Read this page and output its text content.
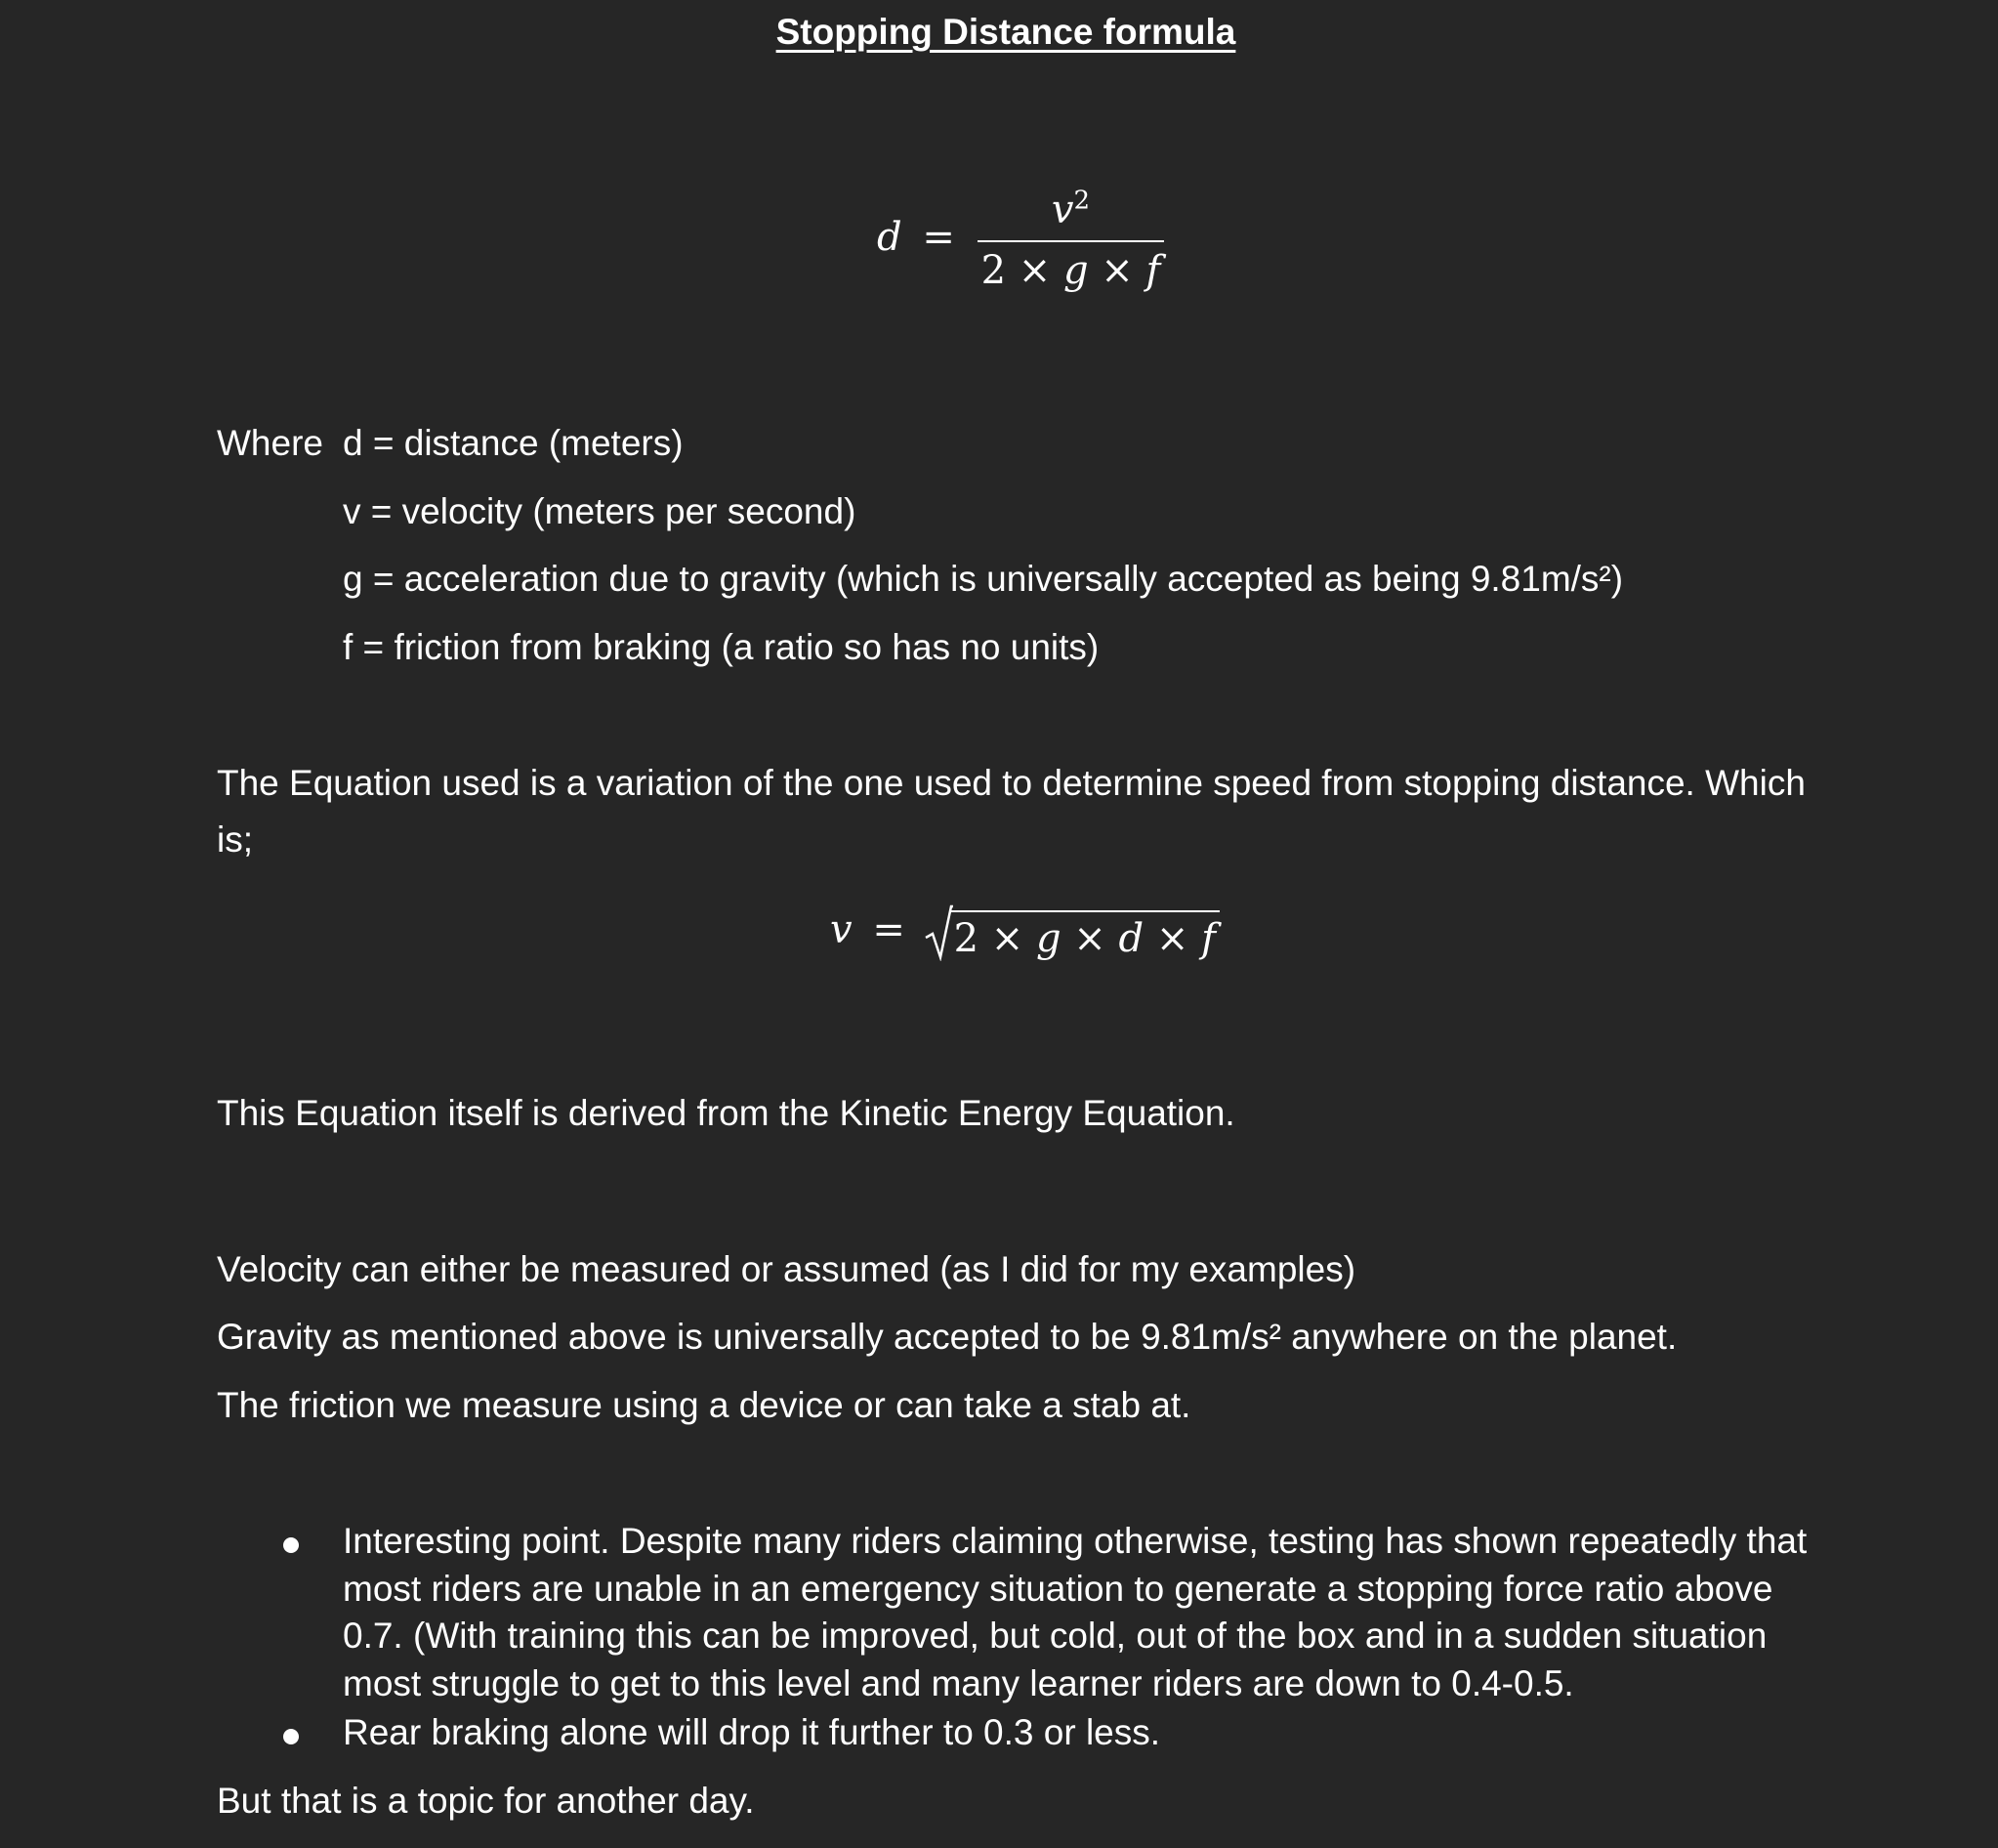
Stopping Distance formula
$d = \frac{v^2}{2 \times g \times f}$
Where d = distance (meters)
v = velocity (meters per second)
g = acceleration due to gravity (which is universally accepted as being 9.81m/s²)
f = friction from braking (a ratio so has no units)
The Equation used is a variation of the one used to determine speed from stopping distance. Which
is;
v = 2 × g × d × f
This Equation itself is derived from the Kinetic Energy Equation.
Velocity can either be measured or assumed (as I did for my examples)
Gravity as mentioned above is universally accepted to be 9.81m/s² anywhere on the planet.
The friction we measure using a device or can take a stab at.
Interesting point. Despite many riders claiming otherwise, testing has shown repeatedly that most riders are unable in an emergency situation to generate a stopping force ratio above 0.7. (With training this can be improved, but cold, out of the box and in a sudden situation most struggle to get to this level and many learner riders are down to 0.4-0.5.
Rear braking alone will drop it further to 0.3 or less.
But that is a topic for another day.
